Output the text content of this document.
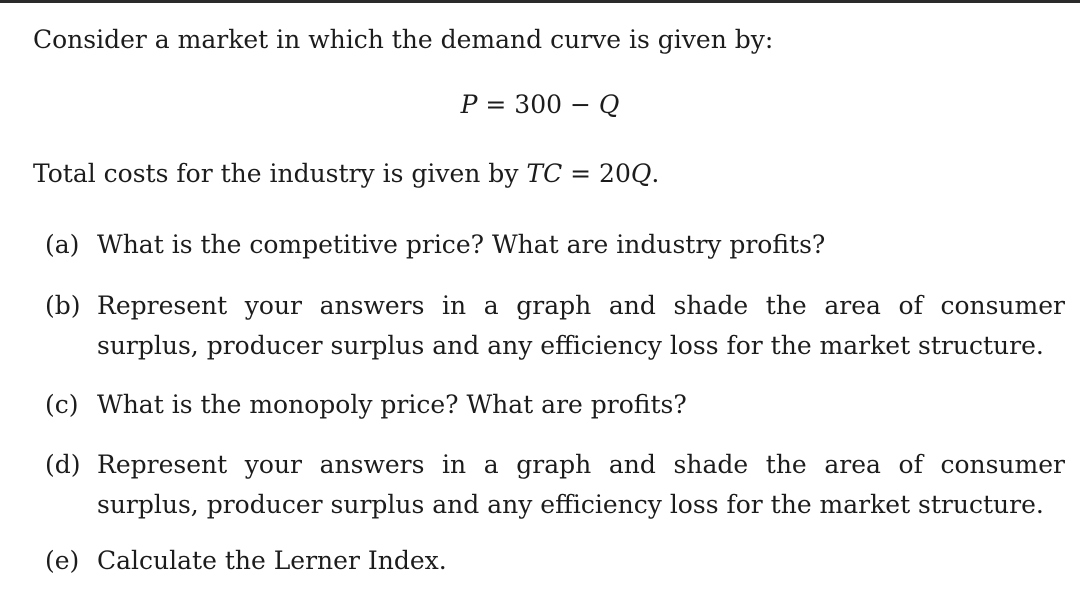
Consider a market in which the demand curve is given by:
P = 300 − Q
Total costs for the industry is given by TC = 20Q.
(a) What is the competitive price? What are industry profits?
(b) Represent your answers in a graph and shade the area of consumer surplus, producer surplus and any efficiency loss for the market structure.
(c) What is the monopoly price? What are profits?
(d) Represent your answers in a graph and shade the area of consumer surplus, producer surplus and any efficiency loss for the market structure.
(e) Calculate the Lerner Index.
